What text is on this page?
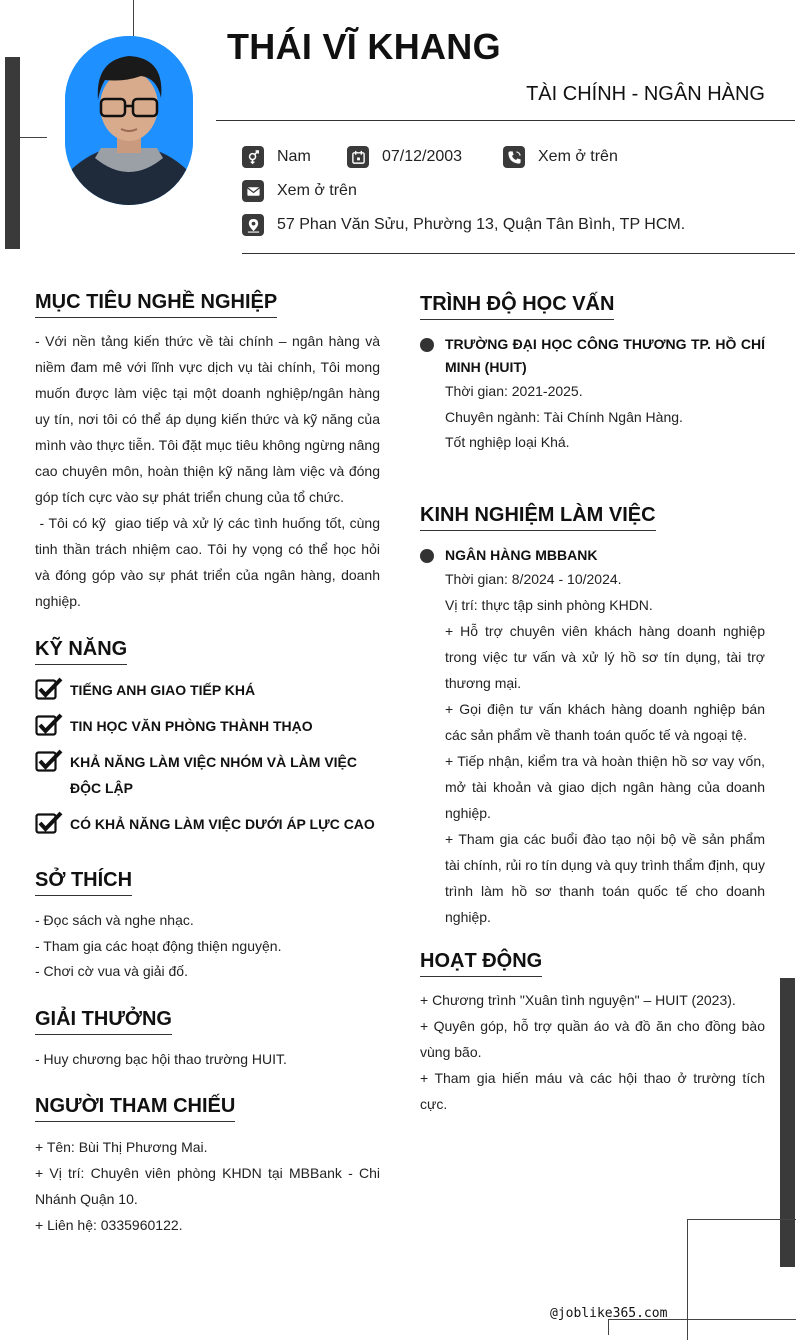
THÁI VĨ KHANG
TÀI CHÍNH - NGÂN HÀNG
Nam	07/12/2003	Xem ở trên
Xem ở trên
57 Phan Văn Sửu, Phường 13, Quận Tân Bình, TP HCM.
MỤC TIÊU NGHỀ NGHIỆP

- Với nền tảng kiến thức về tài chính – ngân hàng và niềm đam mê với lĩnh vực dịch vụ tài chính, Tôi mong muốn được làm việc tại một doanh nghiệp/ngân hàng uy tín, nơi tôi có thể áp dụng kiến thức và kỹ năng của mình vào thực tiễn. Tôi đặt mục tiêu không ngừng nâng cao chuyên môn, hoàn thiện kỹ năng làm việc và đóng góp tích cực vào sự phát triển chung của tổ chức.

- Tôi có kỹ  giao tiếp và xử lý các tình huống tốt, cùng tinh thần trách nhiệm cao. Tôi hy vọng có thể học hỏi và đóng góp vào sự phát triển của ngân hàng, doanh nghiệp.

KỸ NĂNG
TIẾNG ANH GIAO TIẾP KHÁ
TIN HỌC VĂN PHÒNG THÀNH THẠO
KHẢ NĂNG LÀM VIỆC NHÓM VÀ LÀM VIỆC ĐỘC LẬP
CÓ KHẢ NĂNG LÀM VIỆC DƯỚI ÁP LỰC CAO
SỞ THÍCH

- Đọc sách và nghe nhạc.

- Tham gia các hoạt động thiện nguyện.

- Chơi cờ vua và giải đố.

GIẢI THƯỞNG

- Huy chương bạc hội thao trường HUIT.

NGƯỜI THAM CHIẾU

+ Tên: Bùi Thị Phương Mai.

+ Vị trí: Chuyên viên phòng KHDN tại MBBank - Chi Nhánh Quận 10.

+ Liên hệ: 0335960122.

TRÌNH ĐỘ HỌC VẤN
TRƯỜNG ĐẠI HỌC CÔNG THƯƠNG TP. HỒ CHÍ MINH (HUIT)

Thời gian: 2021-2025.

Chuyên ngành: Tài Chính Ngân Hàng.

Tốt nghiệp loại Khá.

KINH NGHIỆM LÀM VIỆC
NGÂN HÀNG MBBANK

Thời gian: 8/2024 - 10/2024.

Vị trí: thực tập sinh phòng KHDN.

+ Hỗ trợ chuyên viên khách hàng doanh nghiệp trong việc tư vấn và xử lý hồ sơ tín dụng, tài trợ thương mại.

+ Gọi điện tư vấn khách hàng doanh nghiệp bán các sản phẩm về thanh toán quốc tế và ngoại tệ.

+ Tiếp nhận, kiểm tra và hoàn thiện hồ sơ vay vốn, mở tài khoản và giao dịch ngân hàng của doanh nghiệp.

+ Tham gia các buổi đào tạo nội bộ về sản phẩm tài chính, rủi ro tín dụng và quy trình thẩm định, quy trình làm hồ sơ thanh toán quốc tế cho doanh nghiệp.

HOẠT ĐỘNG

+ Chương trình "Xuân tình nguyện" – HUIT (2023).

+ Quyên góp, hỗ trợ quần áo và đồ ăn cho đồng bào vùng bão.

+ Tham gia hiến máu và các hội thao ở trường tích cực.

@joblike365.com
